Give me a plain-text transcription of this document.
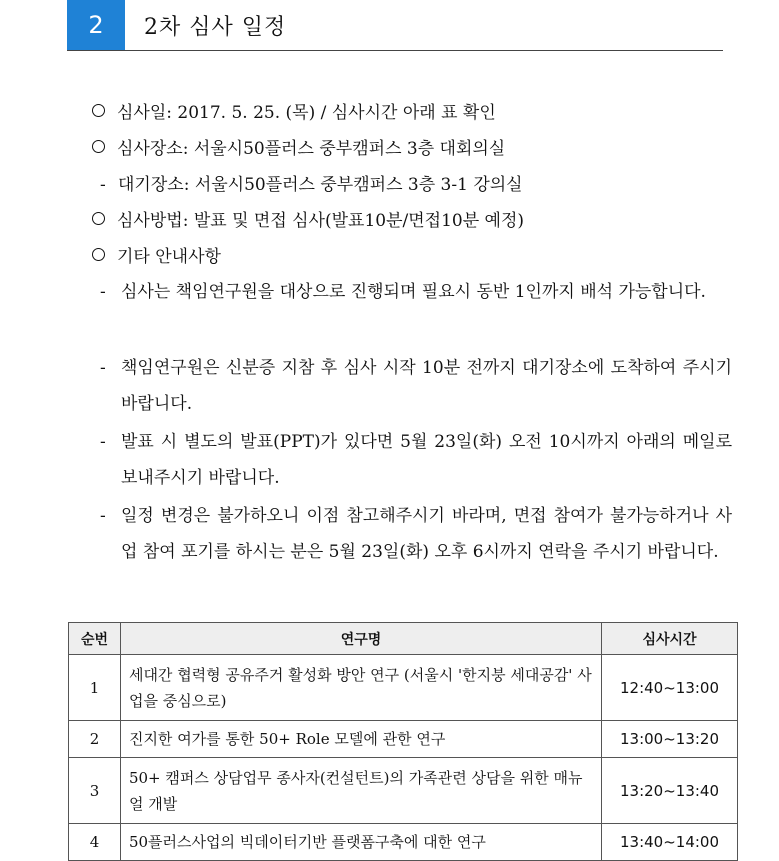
2	2차 심사 일정
심사일: 2017. 5. 25. (목) / 심사시간 아래 표 확인
심사장소: 서울시50플러스 중부캠퍼스 3층 대회의실
- 대기장소: 서울시50플러스 중부캠퍼스 3층 3-1 강의실
심사방법: 발표 및 면접 심사(발표10분/면접10분 예정)
기타 안내사항
- 심사는 책임연구원을 대상으로 진행되며 필요시 동반 1인까지 배석 가능합니다.
- 책임연구원은 신분증 지참 후 심사 시작 10분 전까지 대기장소에 도착하여 주시기 바랍니다.
- 발표 시 별도의 발표(PPT)가 있다면 5월 23일(화) 오전 10시까지 아래의 메일로 보내주시기 바랍니다.
- 일정 변경은 불가하오니 이점 참고해주시기 바라며, 면접 참여가 불가능하거나 사업 참여 포기를 하시는 분은 5월 23일(화) 오후 6시까지 연락을 주시기 바랍니다.
순번	연구명	심사시간
1	세대간 협력형 공유주거 활성화 방안 연구 (서울시 '한지붕 세대공감' 사업을 중심으로)	12:40~13:00
2	진지한 여가를 통한 50+ Role 모델에 관한 연구	13:00~13:20
3	50+ 캠퍼스 상담업무 종사자(컨설턴트)의 가족관련 상담을 위한 매뉴얼 개발	13:20~13:40
4	50플러스사업의 빅데이터기반 플랫폼구축에 대한 연구	13:40~14:00
